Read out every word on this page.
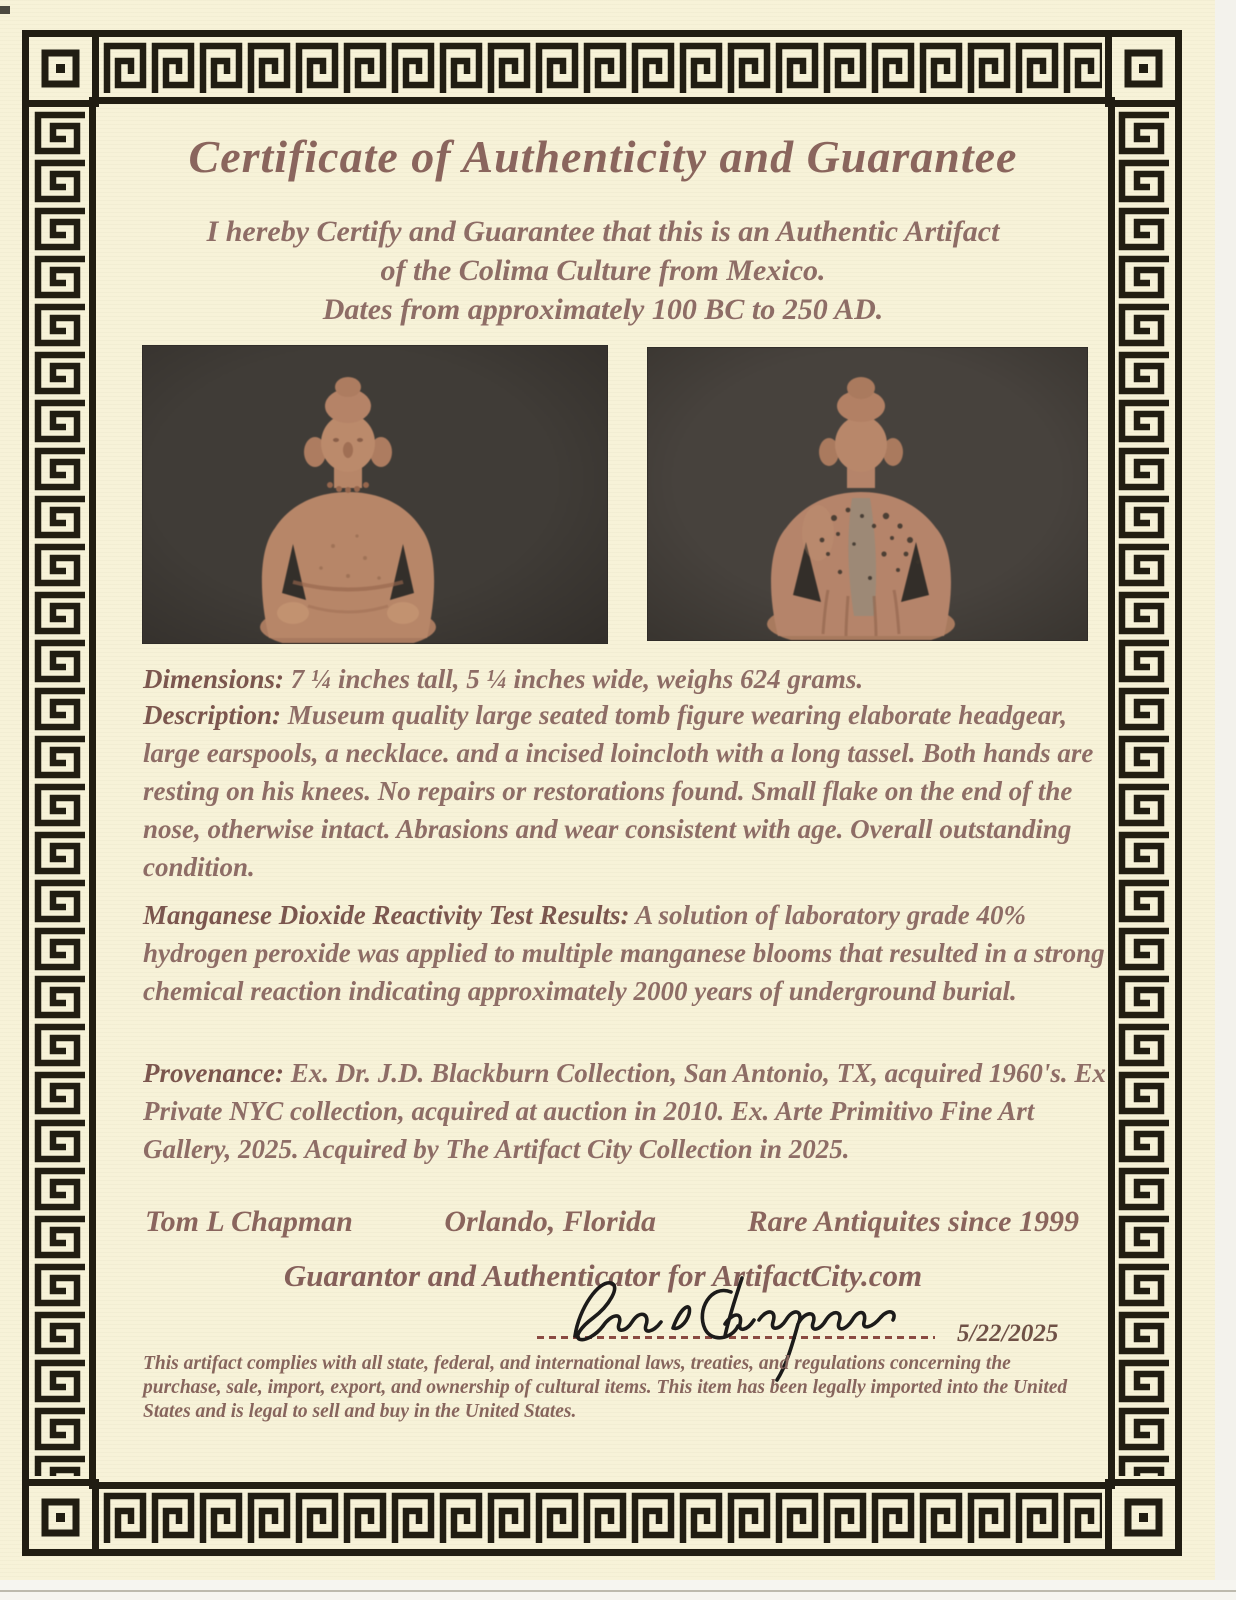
Certificate of Authenticity and Guarantee
I hereby Certify and Guarantee that this is an Authentic Artifact
of the Colima Culture from Mexico.
Dates from approximately 100 BC to 250 AD.
Dimensions: 7 ¼ inches tall, 5 ¼ inches wide, weighs 624 grams.
Description: Museum quality large seated tomb figure wearing elaborate headgear, large earspools, a necklace. and a incised loincloth with a long tassel. Both hands are resting on his knees. No repairs or restorations found. Small flake on the end of the nose, otherwise intact. Abrasions and wear consistent with age. Overall outstanding condition.
Manganese Dioxide Reactivity Test Results: A solution of laboratory grade 40% hydrogen peroxide was applied to multiple manganese blooms that resulted in a strong chemical reaction indicating approximately 2000 years of underground burial.
Provenance: Ex. Dr. J.D. Blackburn Collection, San Antonio, TX, acquired 1960's. Ex Private NYC collection, acquired at auction in 2010. Ex. Arte Primitivo Fine Art Gallery, 2025. Acquired by The Artifact City Collection in 2025.
Tom L Chapman	Orlando, Florida	Rare Antiquites since 1999
Guarantor and Authenticator for ArtifactCity.com
5/22/2025
This artifact complies with all state, federal, and international laws, treaties, and regulations concerning the purchase, sale, import, export, and ownership of cultural items. This item has been legally imported into the United States and is legal to sell and buy in the United States.
